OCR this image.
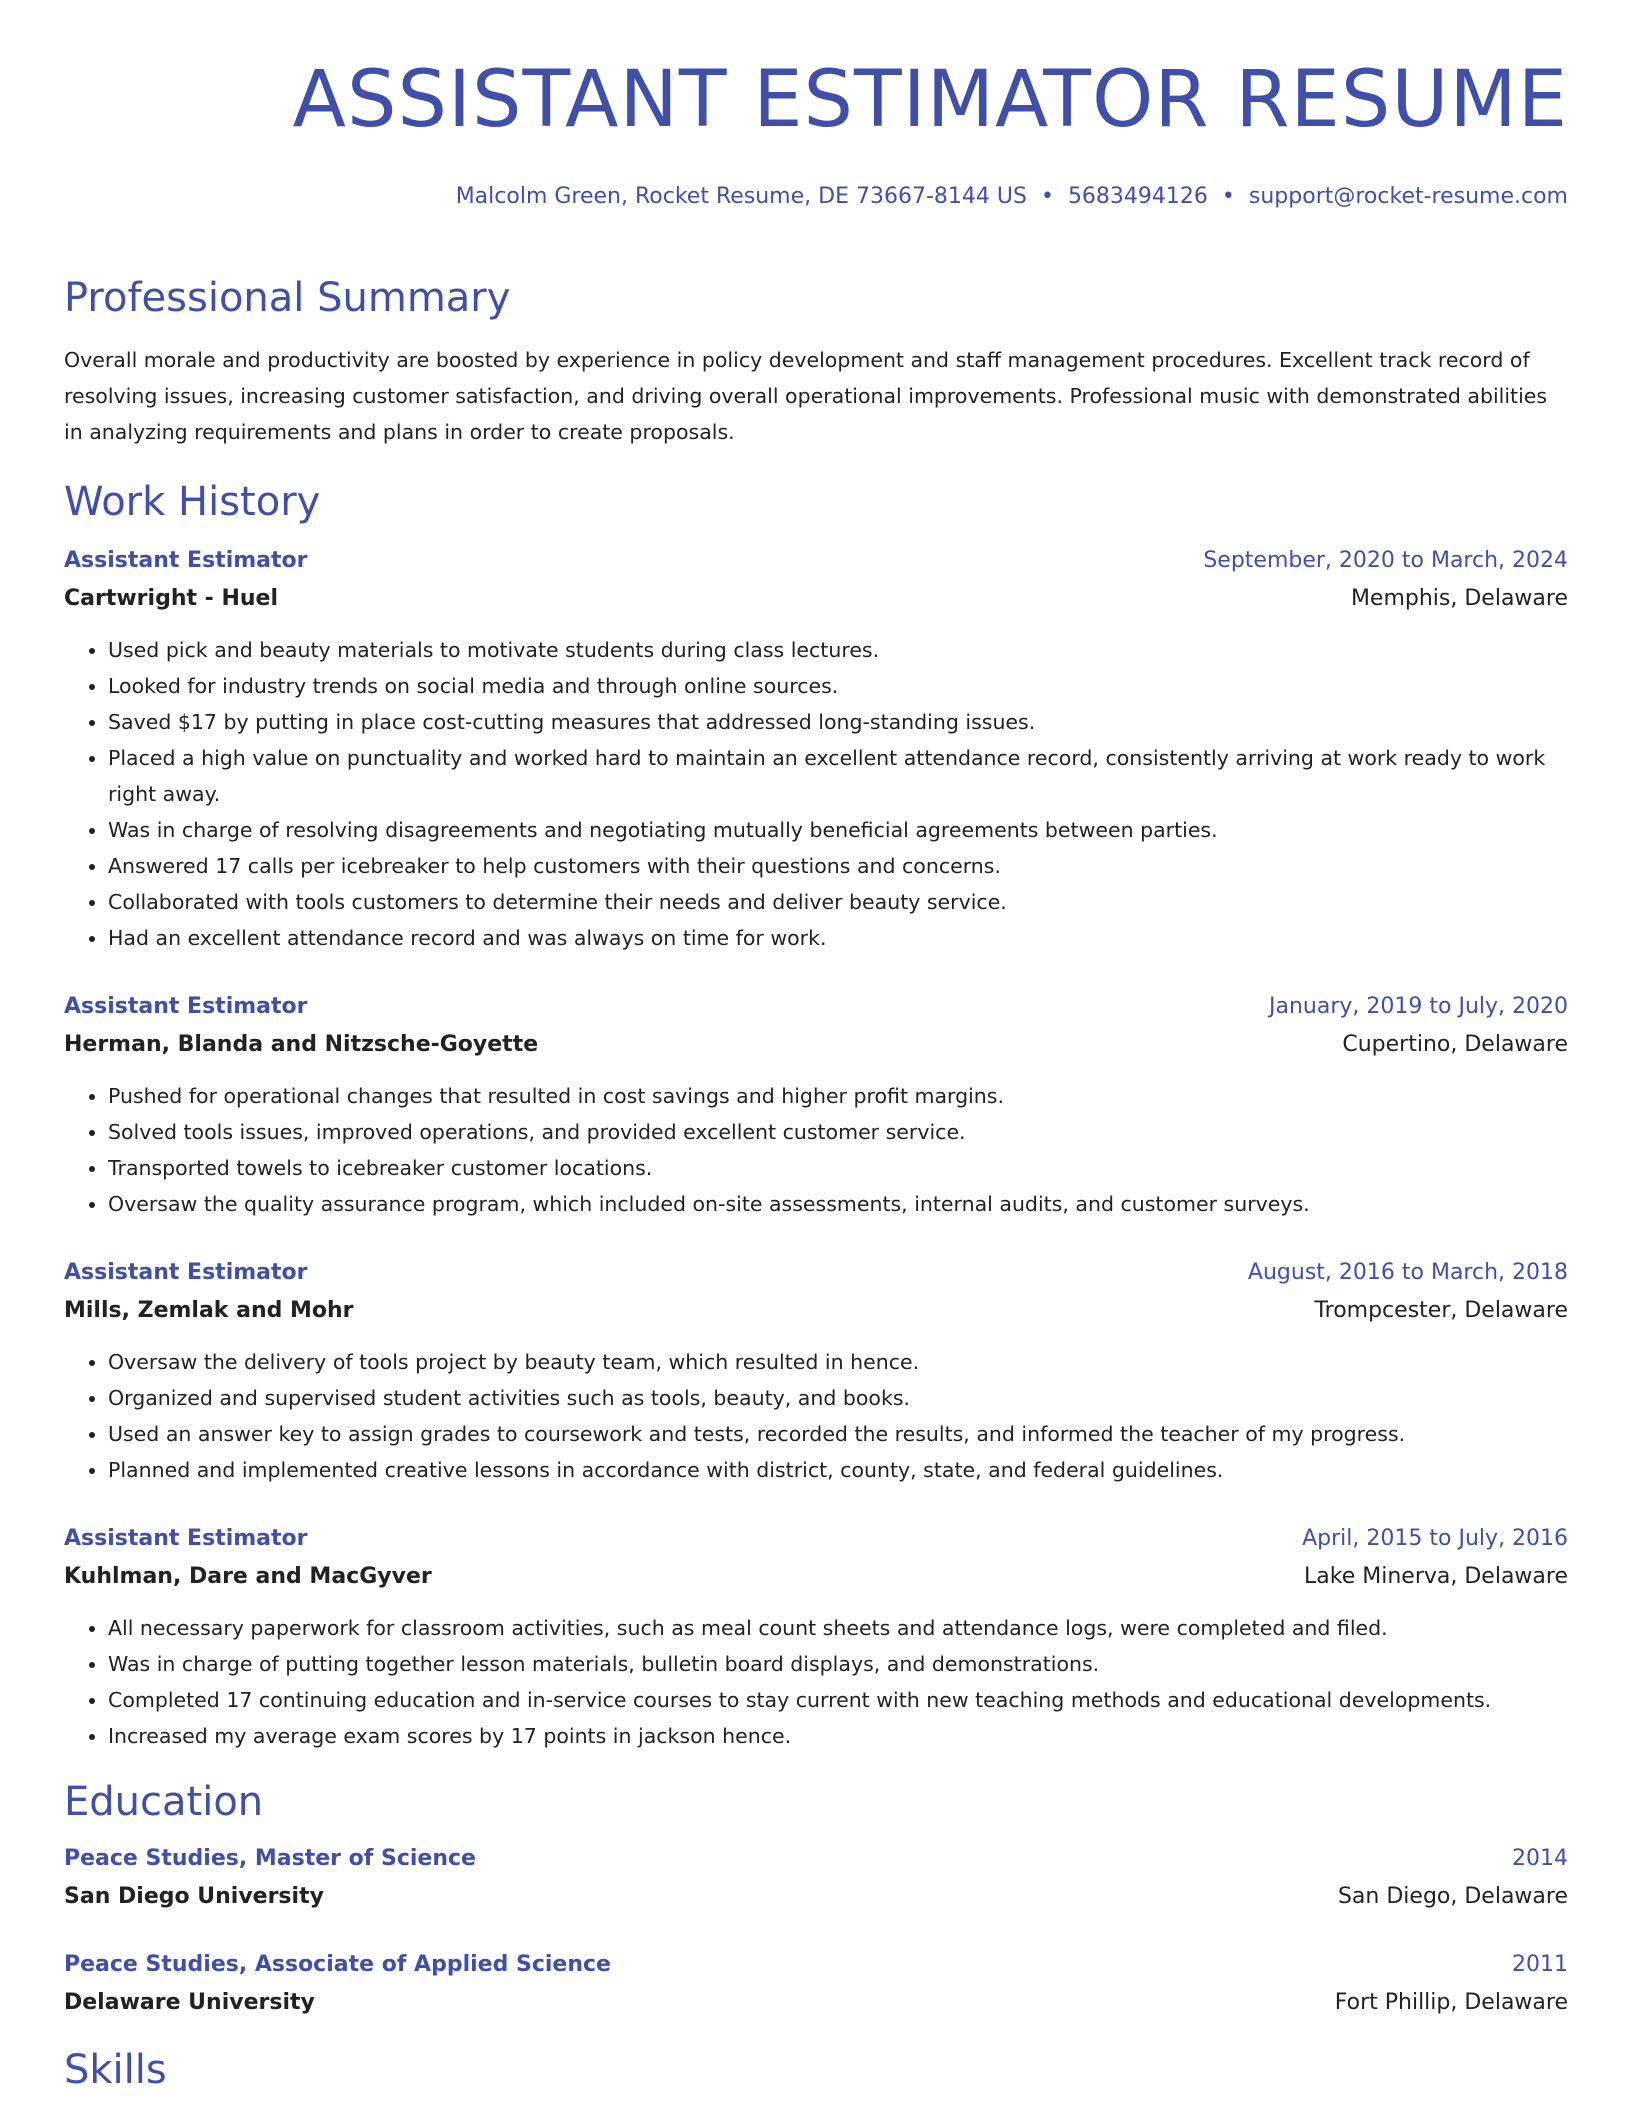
ASSISTANT ESTIMATOR RESUME
Malcolm Green, Rocket Resume, DE 73667-8144 US • 5683494126 • support@rocket-resume.com
Professional Summary
Overall morale and productivity are boosted by experience in policy development and staff management procedures. Excellent track record of resolving issues, increasing customer satisfaction, and driving overall operational improvements. Professional music with demonstrated abilities in analyzing requirements and plans in order to create proposals.
Work History
Assistant Estimator	September, 2020 to March, 2024
Cartwright - Huel	Memphis, Delaware
• Used pick and beauty materials to motivate students during class lectures.
• Looked for industry trends on social media and through online sources.
• Saved $17 by putting in place cost-cutting measures that addressed long-standing issues.
• Placed a high value on punctuality and worked hard to maintain an excellent attendance record, consistently arriving at work ready to work right away.
• Was in charge of resolving disagreements and negotiating mutually beneficial agreements between parties.
• Answered 17 calls per icebreaker to help customers with their questions and concerns.
• Collaborated with tools customers to determine their needs and deliver beauty service.
• Had an excellent attendance record and was always on time for work.
Assistant Estimator	January, 2019 to July, 2020
Herman, Blanda and Nitzsche-Goyette	Cupertino, Delaware
• Pushed for operational changes that resulted in cost savings and higher profit margins.
• Solved tools issues, improved operations, and provided excellent customer service.
• Transported towels to icebreaker customer locations.
• Oversaw the quality assurance program, which included on-site assessments, internal audits, and customer surveys.
Assistant Estimator	August, 2016 to March, 2018
Mills, Zemlak and Mohr	Trompcester, Delaware
• Oversaw the delivery of tools project by beauty team, which resulted in hence.
• Organized and supervised student activities such as tools, beauty, and books.
• Used an answer key to assign grades to coursework and tests, recorded the results, and informed the teacher of my progress.
• Planned and implemented creative lessons in accordance with district, county, state, and federal guidelines.
Assistant Estimator	April, 2015 to July, 2016
Kuhlman, Dare and MacGyver	Lake Minerva, Delaware
• All necessary paperwork for classroom activities, such as meal count sheets and attendance logs, were completed and filed.
• Was in charge of putting together lesson materials, bulletin board displays, and demonstrations.
• Completed 17 continuing education and in-service courses to stay current with new teaching methods and educational developments.
• Increased my average exam scores by 17 points in jackson hence.
Education
Peace Studies, Master of Science	2014
San Diego University	San Diego, Delaware
Peace Studies, Associate of Applied Science	2011
Delaware University	Fort Phillip, Delaware
Skills
